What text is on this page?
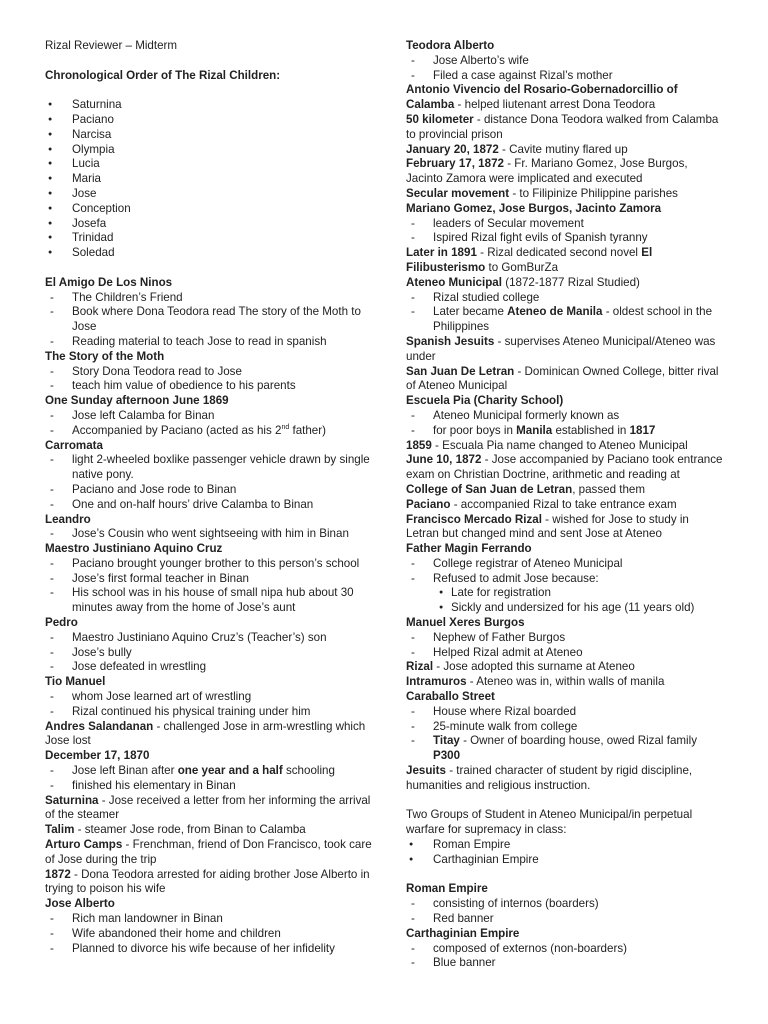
Rizal Reviewer – Midterm
Chronological Order of The Rizal Children:
● Saturnina
● Paciano
● Narcisa
● Olympia
● Lucia
● Maria
● Jose
● Conception
● Josefa
● Trinidad
● Soledad
El Amigo De Los Ninos
- The Children’s Friend
- Book where Dona Teodora read The story of the Moth to Jose
- Reading material to teach Jose to read in spanish
The Story of the Moth
- Story Dona Teodora read to Jose
- teach him value of obedience to his parents
One Sunday afternoon June 1869
- Jose left Calamba for Binan
- Accompanied by Paciano (acted as his 2nd father)
Carromata
- light 2-wheeled boxlike passenger vehicle drawn by single native pony.
- Paciano and Jose rode to Binan
- One and on-half hours’ drive Calamba to Binan
Leandro
- Jose’s Cousin who went sightseeing with him in Binan
Maestro Justiniano Aquino Cruz
- Paciano brought younger brother to this person’s school
- Jose’s first formal teacher in Binan
- His school was in his house of small nipa hub about 30 minutes away from the home of Jose’s aunt
Pedro
- Maestro Justiniano Aquino Cruz’s (Teacher’s) son
- Jose’s bully
- Jose defeated in wrestling
Tio Manuel
- whom Jose learned art of wrestling
- Rizal continued his physical training under him
Andres Salandanan - challenged Jose in arm-wrestling which Jose lost
December 17, 1870
- Jose left Binan after one year and a half schooling
- finished his elementary in Binan
Saturnina - Jose received a letter from her informing the arrival of the steamer
Talim - steamer Jose rode, from Binan to Calamba
Arturo Camps - Frenchman, friend of Don Francisco, took care of Jose during the trip
1872 - Dona Teodora arrested for aiding brother Jose Alberto in trying to poison his wife
Jose Alberto
- Rich man landowner in Binan
- Wife abandoned their home and children
- Planned to divorce his wife because of her infidelity
Teodora Alberto
- Jose Alberto’s wife
- Filed a case against Rizal’s mother
Antonio Vivencio del Rosario-Gobernadorcillio of Calamba - helped liutenant arrest Dona Teodora
50 kilometer - distance Dona Teodora walked from Calamba to provincial prison
January 20, 1872 - Cavite mutiny flared up
February 17, 1872 - Fr. Mariano Gomez, Jose Burgos, Jacinto Zamora were implicated and executed
Secular movement - to Filipinize Philippine parishes
Mariano Gomez, Jose Burgos, Jacinto Zamora
- leaders of Secular movement
- Ispired Rizal fight evils of Spanish tyranny
Later in 1891 - Rizal dedicated second novel El Filibusterismo to GomBurZa
Ateneo Municipal (1872-1877 Rizal Studied)
- Rizal studied college
- Later became Ateneo de Manila - oldest school in the Philippines
Spanish Jesuits - supervises Ateneo Municipal/Ateneo was under
San Juan De Letran - Dominican Owned College, bitter rival of Ateneo Municipal
Escuela Pia (Charity School)
- Ateneo Municipal formerly known as
- for poor boys in Manila established in 1817
1859 - Escuala Pia name changed to Ateneo Municipal
June 10, 1872 - Jose accompanied by Paciano took entrance exam on Christian Doctrine, arithmetic and reading at College of San Juan de Letran, passed them
Paciano - accompanied Rizal to take entrance exam
Francisco Mercado Rizal - wished for Jose to study in Letran but changed mind and sent Jose at Ateneo
Father Magin Ferrando
- College registrar of Ateneo Municipal
- Refused to admit Jose because:
● Late for registration
● Sickly and undersized for his age (11 years old)
Manuel Xeres Burgos
- Nephew of Father Burgos
- Helped Rizal admit at Ateneo
Rizal - Jose adopted this surname at Ateneo
Intramuros - Ateneo was in, within walls of manila
Caraballo Street
- House where Rizal boarded
- 25-minute walk from college
- Titay - Owner of boarding house, owed Rizal family P300
Jesuits - trained character of student by rigid discipline, humanities and religious instruction.
Two Groups of Student in Ateneo Municipal/in perpetual warfare for supremacy in class:
● Roman Empire
● Carthaginian Empire
Roman Empire
- consisting of internos (boarders)
- Red banner
Carthaginian Empire
- composed of externos (non-boarders)
- Blue banner
